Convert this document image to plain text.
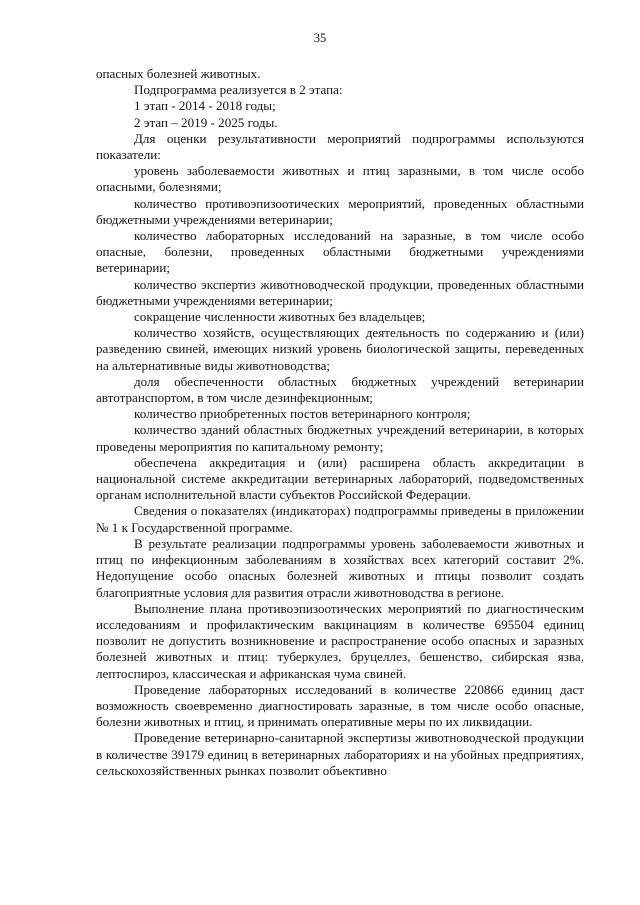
35

опасных болезней животных.

Подпрограмма реализуется в 2 этапа:

1 этап - 2014 - 2018 годы;

2 этап – 2019 - 2025 годы.

Для оценки результативности мероприятий подпрограммы используются показатели:

уровень заболеваемости животных и птиц заразными, в том числе особо опасными, болезнями;

количество противоэпизоотических мероприятий, проведенных областными бюджетными учреждениями ветеринарии;

количество лабораторных исследований на заразные, в том числе особо опасные, болезни, проведенных областными бюджетными учреждениями ветеринарии;

количество экспертиз животноводческой продукции, проведенных областными бюджетными учреждениями ветеринарии;

сокращение численности животных без владельцев;

количество хозяйств, осуществляющих деятельность по содержанию и (или) разведению свиней, имеющих низкий уровень биологической защиты, переведенных на альтернативные виды животноводства;

доля обеспеченности областных бюджетных учреждений ветеринарии автотранспортом, в том числе дезинфекционным;

количество приобретенных постов ветеринарного контроля;

количество зданий областных бюджетных учреждений ветеринарии, в которых проведены мероприятия по капитальному ремонту;

обеспечена аккредитация и (или) расширена область аккредитации в национальной системе аккредитации ветеринарных лабораторий, подведомственных органам исполнительной власти субъектов Российской Федерации.

Сведения о показателях (индикаторах) подпрограммы приведены в приложении № 1 к Государственной программе.

В результате реализации подпрограммы уровень заболеваемости животных и птиц по инфекционным заболеваниям в хозяйствах всех категорий составит 2%. Недопущение особо опасных болезней животных и птицы позволит создать благоприятные условия для развития отрасли животноводства в регионе.

Выполнение плана противоэпизоотических мероприятий по диагностическим исследованиям и профилактическим вакцинациям в количестве 695504 единиц позволит не допустить возникновение и распространение особо опасных и заразных болезней животных и птиц: туберкулез, бруцеллез, бешенство, сибирская язва, лептоспироз, классическая и африканская чума свиней.

Проведение лабораторных исследований в количестве 220866 единиц даст возможность своевременно диагностировать заразные, в том числе особо опасные, болезни животных и птиц, и принимать оперативные меры по их ликвидации.

Проведение ветеринарно-санитарной экспертизы животноводческой продукции в количестве 39179 единиц в ветеринарных лабораториях и на убойных предприятиях, сельскохозяйственных рынках позволит объективно
